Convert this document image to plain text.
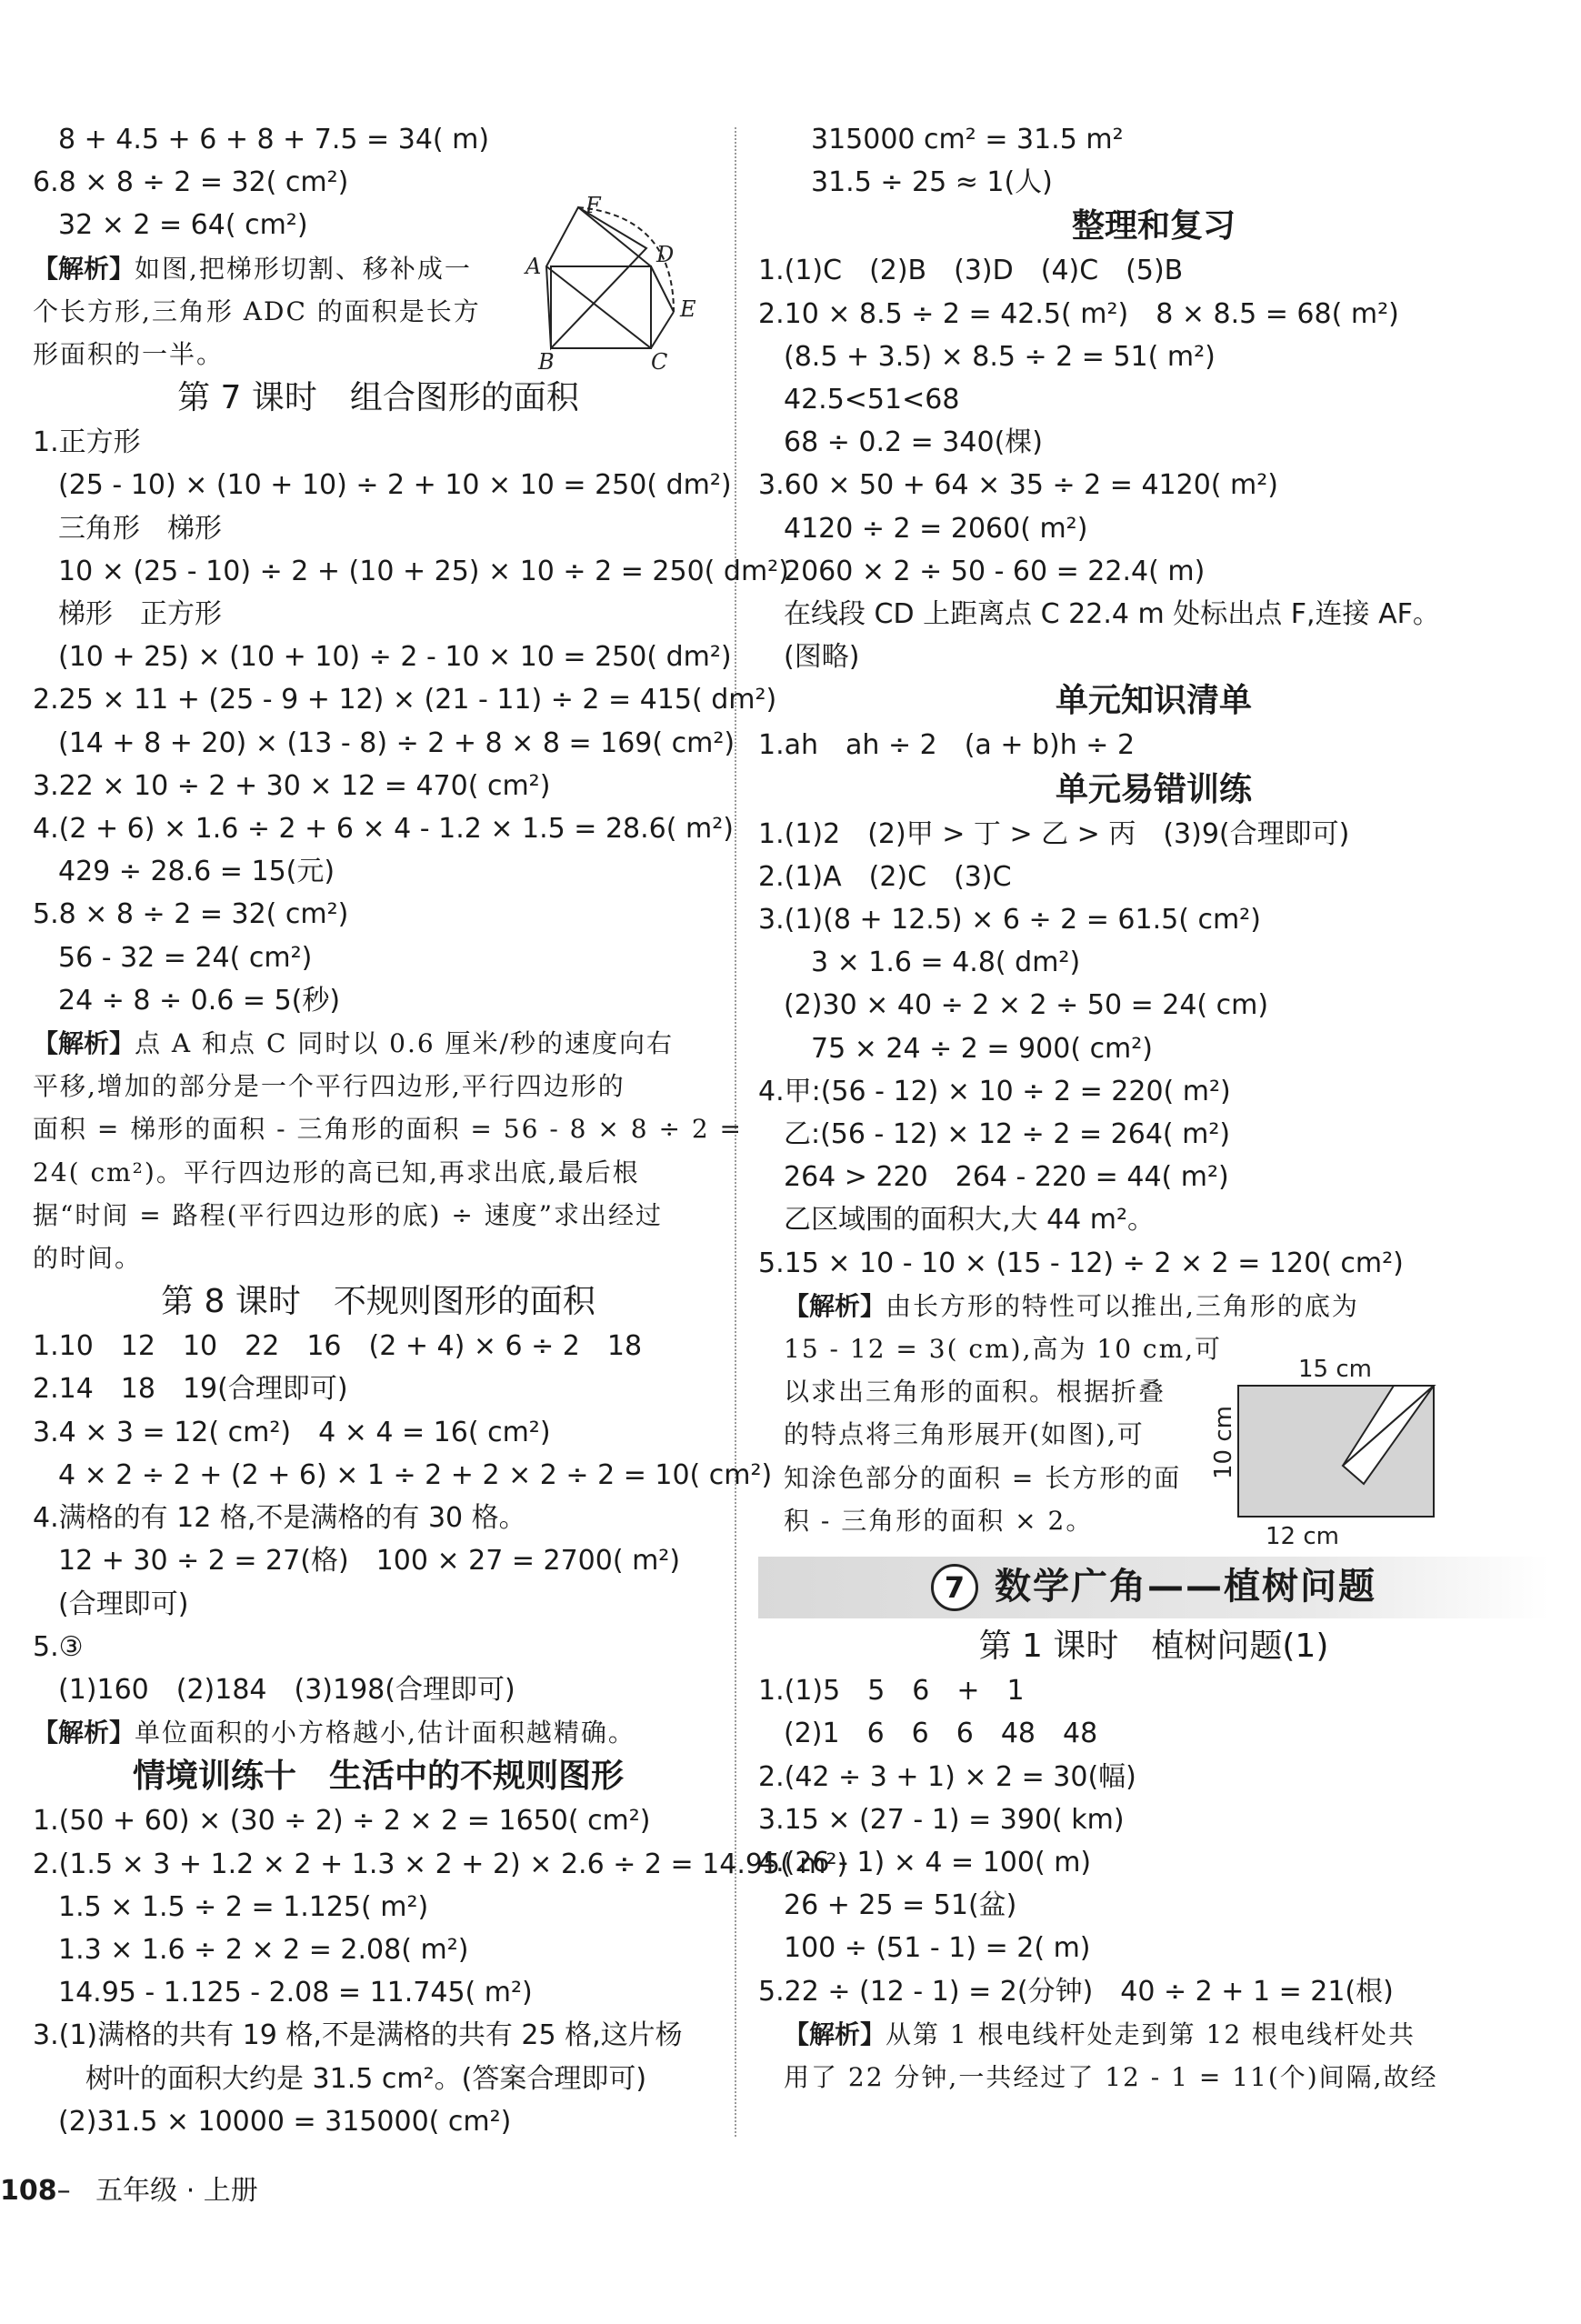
8 + 4.5 + 6 + 8 + 7.5 = 34( m)
6.8 × 8 ÷ 2 = 32( cm²)
32 × 2 = 64( cm²)
【解析】如图,把梯形切割、移补成一
个长方形,三角形 ADC 的面积是长方
形面积的一半。
第 7 课时　组合图形的面积
1.正方形
(25 - 10) × (10 + 10) ÷ 2 + 10 × 10 = 250( dm²)
三角形　梯形
10 × (25 - 10) ÷ 2 + (10 + 25) × 10 ÷ 2 = 250( dm²)
梯形　正方形
(10 + 25) × (10 + 10) ÷ 2 - 10 × 10 = 250( dm²)
2.25 × 11 + (25 - 9 + 12) × (21 - 11) ÷ 2 = 415( dm²)
(14 + 8 + 20) × (13 - 8) ÷ 2 + 8 × 8 = 169( cm²)
3.22 × 10 ÷ 2 + 30 × 12 = 470( cm²)
4.(2 + 6) × 1.6 ÷ 2 + 6 × 4 - 1.2 × 1.5 = 28.6( m²)
429 ÷ 28.6 = 15(元)
5.8 × 8 ÷ 2 = 32( cm²)
56 - 32 = 24( cm²)
24 ÷ 8 ÷ 0.6 = 5(秒)
【解析】点 A 和点 C 同时以 0.6 厘米/秒的速度向右
平移,增加的部分是一个平行四边形,平行四边形的
面积 = 梯形的面积 - 三角形的面积 = 56 - 8 × 8 ÷ 2 =
24( cm²)。平行四边形的高已知,再求出底,最后根
据“时间 = 路程(平行四边形的底) ÷ 速度”求出经过
的时间。
第 8 课时　不规则图形的面积
1.10　12　10　22　16　(2 + 4) × 6 ÷ 2　18
2.14　18　19(合理即可)
3.4 × 3 = 12( cm²)　4 × 4 = 16( cm²)
4 × 2 ÷ 2 + (2 + 6) × 1 ÷ 2 + 2 × 2 ÷ 2 = 10( cm²)
4.满格的有 12 格,不是满格的有 30 格。
12 + 30 ÷ 2 = 27(格)　100 × 27 = 2700( m²)
(合理即可)
5.③
(1)160　(2)184　(3)198(合理即可)
【解析】单位面积的小方格越小,估计面积越精确。
情境训练十　生活中的不规则图形
1.(50 + 60) × (30 ÷ 2) ÷ 2 × 2 = 1650( cm²)
2.(1.5 × 3 + 1.2 × 2 + 1.3 × 2 + 2) × 2.6 ÷ 2 = 14.95( m²)
1.5 × 1.5 ÷ 2 = 1.125( m²)
1.3 × 1.6 ÷ 2 × 2 = 2.08( m²)
14.95 - 1.125 - 2.08 = 11.745( m²)
3.(1)满格的共有 19 格,不是满格的共有 25 格,这片杨
树叶的面积大约是 31.5 cm²。(答案合理即可)
(2)31.5 × 10000 = 315000( cm²)
A
B	C
D
E
F
315000 cm² = 31.5 m²
31.5 ÷ 25 ≈ 1(人)
整理和复习
1.(1)C　(2)B　(3)D　(4)C　(5)B
2.10 × 8.5 ÷ 2 = 42.5( m²)　8 × 8.5 = 68( m²)
(8.5 + 3.5) × 8.5 ÷ 2 = 51( m²)
42.5<51<68
68 ÷ 0.2 = 340(棵)
3.60 × 50 + 64 × 35 ÷ 2 = 4120( m²)
4120 ÷ 2 = 2060( m²)
2060 × 2 ÷ 50 - 60 = 22.4( m)
在线段 CD 上距离点 C 22.4 m 处标出点 F,连接 AF。
(图略)
单元知识清单
1.ah　ah ÷ 2　(a + b)h ÷ 2
单元易错训练
1.(1)2　(2)甲 > 丁 > 乙 > 丙　(3)9(合理即可)
2.(1)A　(2)C　(3)C
3.(1)(8 + 12.5) × 6 ÷ 2 = 61.5( cm²)
3 × 1.6 = 4.8( dm²)
(2)30 × 40 ÷ 2 × 2 ÷ 50 = 24( cm)
75 × 24 ÷ 2 = 900( cm²)
4.甲:(56 - 12) × 10 ÷ 2 = 220( m²)
乙:(56 - 12) × 12 ÷ 2 = 264( m²)
264 > 220　264 - 220 = 44( m²)
乙区域围的面积大,大 44 m²。
5.15 × 10 - 10 × (15 - 12) ÷ 2 × 2 = 120( cm²)
【解析】由长方形的特性可以推出,三角形的底为
15 - 12 = 3( cm),高为 10 cm,可
以求出三角形的面积。根据折叠
的特点将三角形展开(如图),可
知涂色部分的面积 = 长方形的面
积 - 三角形的面积 × 2。
7 数学广角——植树问题
第 1 课时　植树问题(1)
1.(1)5　5　6　+　1
(2)1　6　6　6　48　48
2.(42 ÷ 3 + 1) × 2 = 30(幅)
3.15 × (27 - 1) = 390( km)
4.(26 - 1) × 4 = 100( m)
26 + 25 = 51(盆)
100 ÷ (51 - 1) = 2( m)
5.22 ÷ (12 - 1) = 2(分钟)　40 ÷ 2 + 1 = 21(根)
【解析】从第 1 根电线杆处走到第 12 根电线杆处共
用了 22 分钟,一共经过了 12 - 1 = 11(个)间隔,故经
15 cm
12 cm
10 cm
108– 五年级 · 上册
